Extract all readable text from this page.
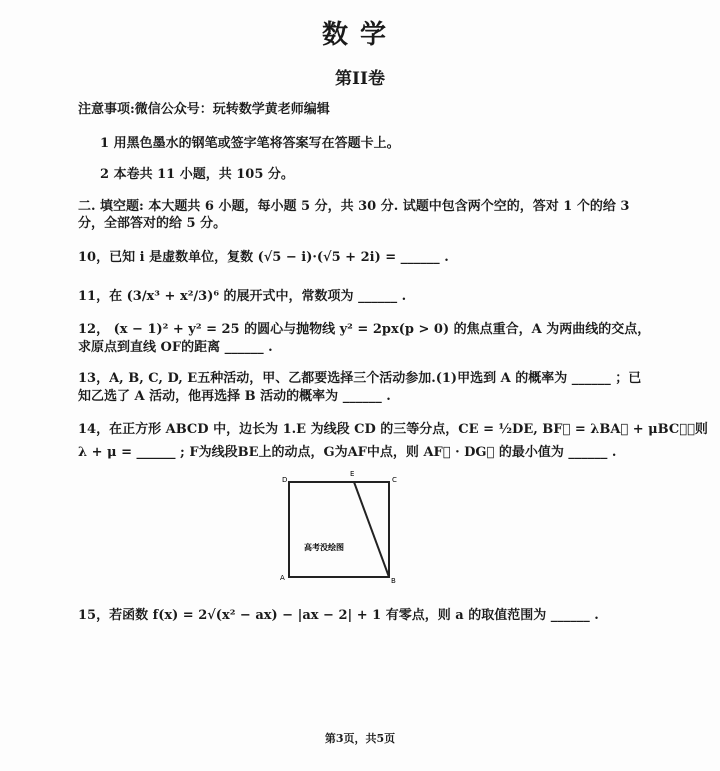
数学
第II卷
注意事项:微信公众号：玩转数学黄老师编辑
1 用黑色墨水的钢笔或签字笔将答案写在答题卡上。
2 本卷共 11 小题，共 105 分。
二. 填空题: 本大题共 6 小题，每小题 5 分，共 30 分. 试题中包含两个空的，答对 1 个的给 3
分，全部答对的给 5 分。
10，已知 i 是虚数单位，复数 (√5 − i)·(√5 + 2i) = ______ .
11，在 (3/x³ + x²/3)⁶ 的展开式中，常数项为 ______ .
12， (x − 1)² + y² = 25 的圆心与抛物线 y² = 2px(p > 0) 的焦点重合，A 为两曲线的交点，
求原点到直线 OF的距离 ______ .
13，A, B, C, D, E五种活动，甲、乙都要选择三个活动参加.(1)甲选到 A 的概率为 ______ ；已
知乙选了 A 活动，他再选择 B 活动的概率为 ______ .
14，在正方形 ABCD 中，边长为 1.E 为线段 CD 的三等分点，CE = ½DE, BF⃗ = λBA⃗ + μBC⃗，则
λ + μ = ______ ; F为线段BE上的动点，G为AF中点，则 AF⃗ · DG⃗ 的最小值为 ______ .
D
E
C
A	B
高考没绘图
15，若函数 f(x) = 2√(x² − ax) − |ax − 2| + 1 有零点，则 a 的取值范围为 ______ .
第3页，共5页
